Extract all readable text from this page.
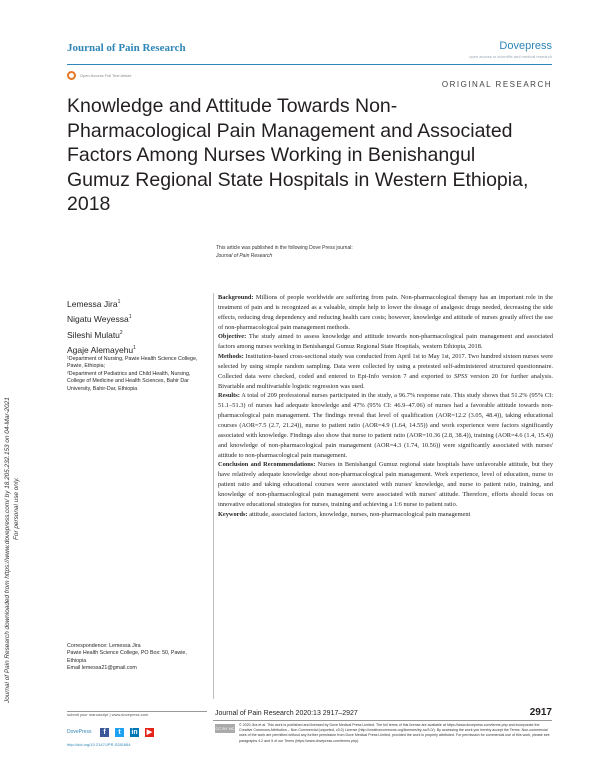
Journal of Pain Research	Dovepress
open access to scientific and medical research
Open Access Full Text Article
ORIGINAL RESEARCH
Knowledge and Attitude Towards Non-Pharmacological Pain Management and Associated Factors Among Nurses Working in Benishangul Gumuz Regional State Hospitals in Western Ethiopia, 2018
This article was published in the following Dove Press journal:
Journal of Pain Research
Journal of Pain Research downloaded from https://www.dovepress.com/ by 18.205.232.153 on 04-Mar-2021 For personal use only.
Lemessa Jira$^1$
Nigatu Weyessa$^1$
Sileshi Mulatu$^2$
Agaje Alemayehu$^1$
¹Department of Nursing, Pawie Health Science College, Pawie, Ethiopia;
²Department of Pediatrics and Child Health, Nursing, College of Medicine and Health Sciences, Bahir Dar University, Bahir-Dar, Ethiopia

Background: Millions of people worldwide are suffering from pain. Non-pharmacological therapy has an important role in the treatment of pain and is recognized as a valuable, simple help to lower the dosage of analgesic drugs needed, decreasing the side effects, reducing drug dependency and reducing health care costs; however, knowledge and attitude of nurses greatly affect the use of non-pharmacological pain management methods.

Objective: The study aimed to assess knowledge and attitude towards non-pharmacological pain management and associated factors among nurses working in Benishangul Gumuz Regional State Hospitals, western Ethiopia, 2018.

Methods: Institution-based cross-sectional study was conducted from April 1st to May 1st, 2017. Two hundred sixteen nurses were selected by using simple random sampling. Data were collected by using a pretested self-administered structured questionnaire. Collected data were checked, coded and entered to Epi-Info version 7 and exported to SPSS version 20 for further analysis. Bivariable and multivariable logistic regression was used.

Results: A total of 209 professional nurses participated in the study, a 96.7% response rate. This study shows that 51.2% (95% CI: 51.1–51.3) of nurses had adequate knowledge and 47% (95% CI: 46.9–47.06) of nurses had a favorable attitude towards non-pharmacological pain management. The findings reveal that level of qualification (AOR=12.2 (3.05, 48.4)), taking educational courses (AOR=7.5 (2.7, 21.24)), nurse to patient ratio (AOR=4.9 (1.64, 14.55)) and work experience were factors significantly associated with knowledge. Findings also show that nurse to patient ratio (AOR=10.36 (2.8, 38.4)), training (AOR=4.6 (1.4, 15.4)) and knowledge of non-pharmacological pain management (AOR=4.3 (1.74, 10.56)) were significantly associated with nurses' attitude to non-pharmacological pain management.

Conclusion and Recommendations: Nurses in Benishangul Gumuz regional state hospitals have unfavorable attitude, but they have relatively adequate knowledge about non-pharmacological pain management. Work experience, level of education, nurse to patient ratio and taking educational courses were associated with nurses' knowledge, and nurse to patient ratio, training, and knowledge of non-pharmacological pain management were associated with nurses' attitude. Therefore, efforts should focus on innovative educational strategies for nurses, training and achieving a 1:6 nurse to patient ratio.

Keywords: attitude, associated factors, knowledge, nurses, non-pharmacological pain management

Correspondence: Lemessa Jira
Pawie Health Science College, PO Box: 50, Pawie, Ethiopia
Email lemessa21@gmail.com
submit your manuscript | www.dovepress.com
DovePress	f	t	in ▶
http://doi.org/10.2147/JPR.S281684
Journal of Pain Research 2020:13 2917–2927	2917
CC BY NC
© 2020 Jira et al. This work is published and licensed by Dove Medical Press Limited. The full terms of this license are available at https://www.dovepress.com/terms.php and incorporate the Creative Commons Attribution – Non Commercial (unported, v3.0) License (http://creativecommons.org/licenses/by-nc/3.0/). By accessing the work you hereby accept the Terms. Non-commercial uses of the work are permitted without any further permission from Dove Medical Press Limited, provided the work is properly attributed. For permission for commercial use of this work, please see paragraphs 4.2 and 5 of our Terms (https://www.dovepress.com/terms.php).
